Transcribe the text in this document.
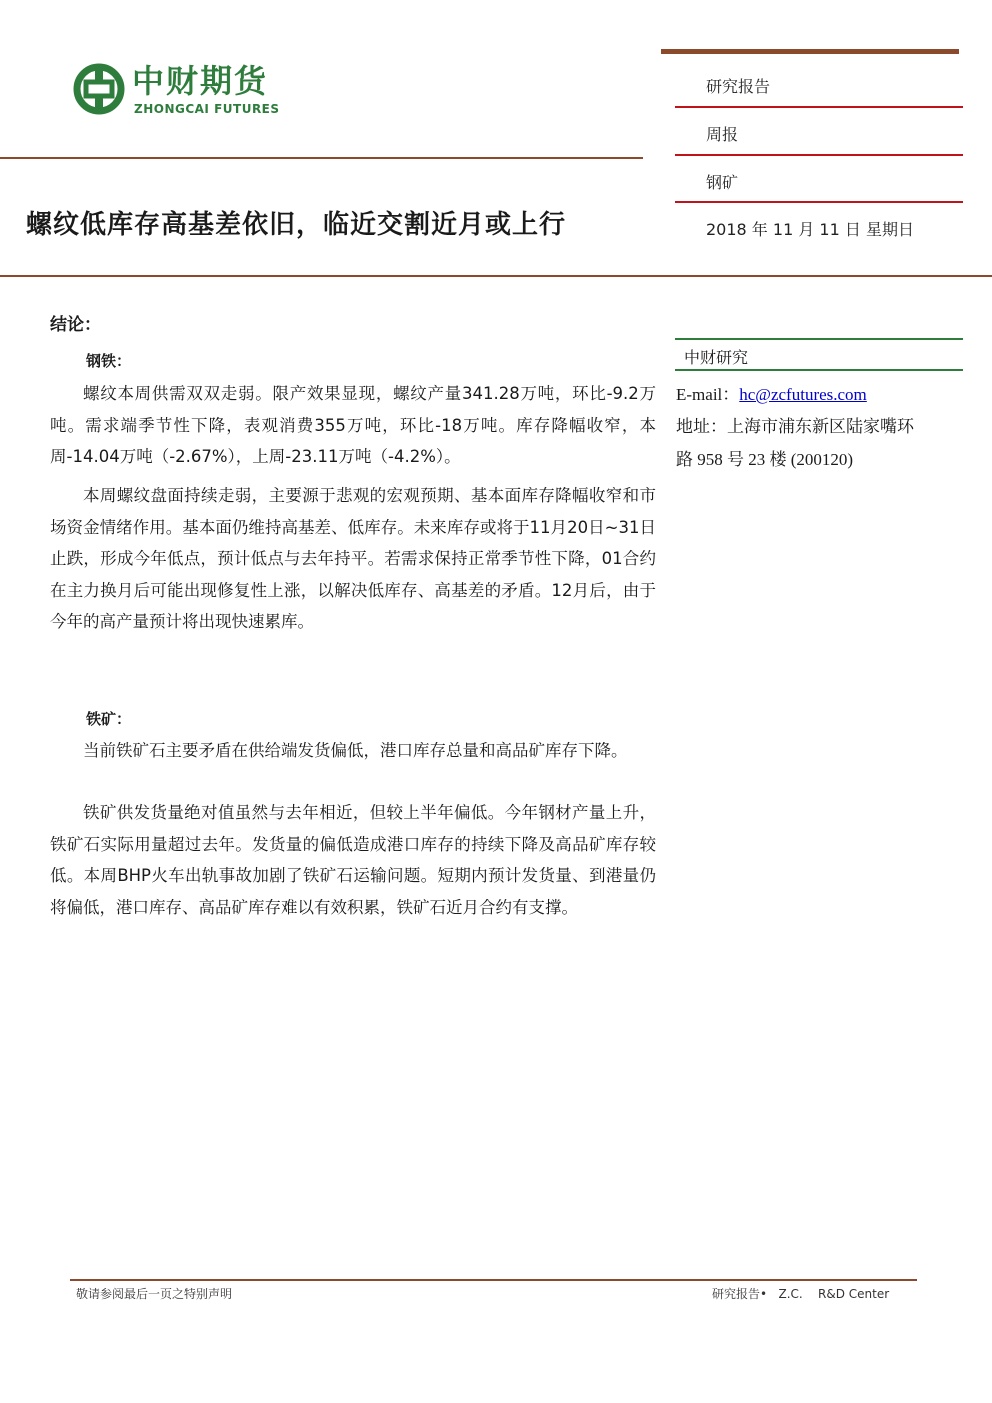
中财期货
ZHONGCAI FUTURES
研究报告
周报
钢矿
2018 年 11 月 11 日 星期日
螺纹低库存高基差依旧，临近交割近月或上行
结论：
钢铁：
螺纹本周供需双双走弱。限产效果显现，螺纹产量341.28万吨，环比-9.2万吨。需求端季节性下降，表观消费355万吨，环比-18万吨。库存降幅收窄，本周-14.04万吨（-2.67%），上周-23.11万吨（-4.2%）。
本周螺纹盘面持续走弱，主要源于悲观的宏观预期、基本面库存降幅收窄和市场资金情绪作用。基本面仍维持高基差、低库存。未来库存或将于11月20日~31日止跌，形成今年低点，预计低点与去年持平。若需求保持正常季节性下降，01合约在主力换月后可能出现修复性上涨，以解决低库存、高基差的矛盾。12月后，由于今年的高产量预计将出现快速累库。
铁矿：
当前铁矿石主要矛盾在供给端发货偏低，港口库存总量和高品矿库存下降。
铁矿供发货量绝对值虽然与去年相近，但较上半年偏低。今年钢材产量上升，铁矿石实际用量超过去年。发货量的偏低造成港口库存的持续下降及高品矿库存较低。本周BHP火车出轨事故加剧了铁矿石运输问题。短期内预计发货量、到港量仍将偏低，港口库存、高品矿库存难以有效积累，铁矿石近月合约有支撑。
中财研究
E-mail：hc@zcfutures.com
地址：上海市浦东新区陆家嘴环
路 958 号 23 楼 (200120)
敬请参阅最后一页之特别声明	研究报告•   Z.C.    R&D Center
